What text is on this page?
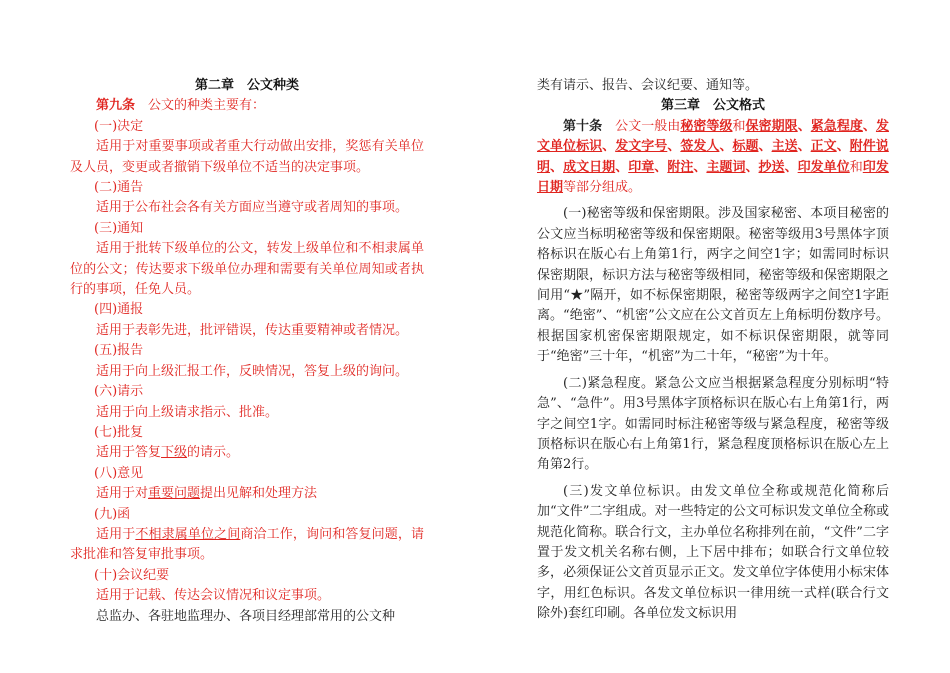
第二章　公文种类

第九条　 公文的种类主要有：

(一)决定

适用于对重要事项或者重大行动做出安排，奖惩有关单位及人员，变更或者撤销下级单位不适当的决定事项。

(二)通告

适用于公布社会各有关方面应当遵守或者周知的事项。

(三)通知

适用于批转下级单位的公文，转发上级单位和不相隶属单位的公文；传达要求下级单位办理和需要有关单位周知或者执行的事项，任免人员。

(四)通报

适用于表彰先进，批评错误，传达重要精神或者情况。

(五)报告

适用于向上级汇报工作，反映情况，答复上级的询问。

(六)请示

适用于向上级请求指示、批准。

(七)批复

适用于答复下级的请示。

(八)意见

适用于对重要问题提出见解和处理方法

(九)函

适用于不相隶属单位之间商洽工作，询问和答复问题，请求批准和答复审批事项。

(十)会议纪要

适用于记载、传达会议情况和议定事项。

总监办、各驻地监理办、各项目经理部常用的公文种

类有请示、报告、会议纪要、通知等。

第三章　公文格式

第十条　 公文一般由秘密等级和保密期限、紧急程度、发文单位标识、发文字号、签发人、标题、主送、正文、附件说明、成文日期、印章、附注、主题词、抄送、印发单位和印发日期等部分组成。

(一)秘密等级和保密期限。涉及国家秘密、本项目秘密的公文应当标明秘密等级和保密期限。秘密等级用3号黑体字顶格标识在版心右上角第1行，两字之间空1字；如需同时标识保密期限，标识方法与秘密等级相同，秘密等级和保密期限之间用“★”隔开，如不标保密期限，秘密等级两字之间空1字距离。“绝密”、“机密”公文应在公文首页左上角标明份数序号。根据国家机密保密期限规定，如不标识保密期限，就等同于“绝密”三十年，“机密”为二十年，“秘密”为十年。

(二)紧急程度。紧急公文应当根据紧急程度分别标明“特急”、“急件”。用3号黑体字顶格标识在版心右上角第1行，两字之间空1字。如需同时标注秘密等级与紧急程度，秘密等级顶格标识在版心右上角第1行，紧急程度顶格标识在版心左上角第2行。

(三)发文单位标识。由发文单位全称或规范化简称后加“文件”二字组成。对一些特定的公文可标识发文单位全称或规范化简称。联合行文，主办单位名称排列在前，“文件”二字置于发文机关名称右侧，上下居中排布；如联合行文单位较多，必须保证公文首页显示正文。发文单位字体使用小标宋体字，用红色标识。各发文单位标识一律用统一式样(联合行文除外)套红印刷。各单位发文标识用
